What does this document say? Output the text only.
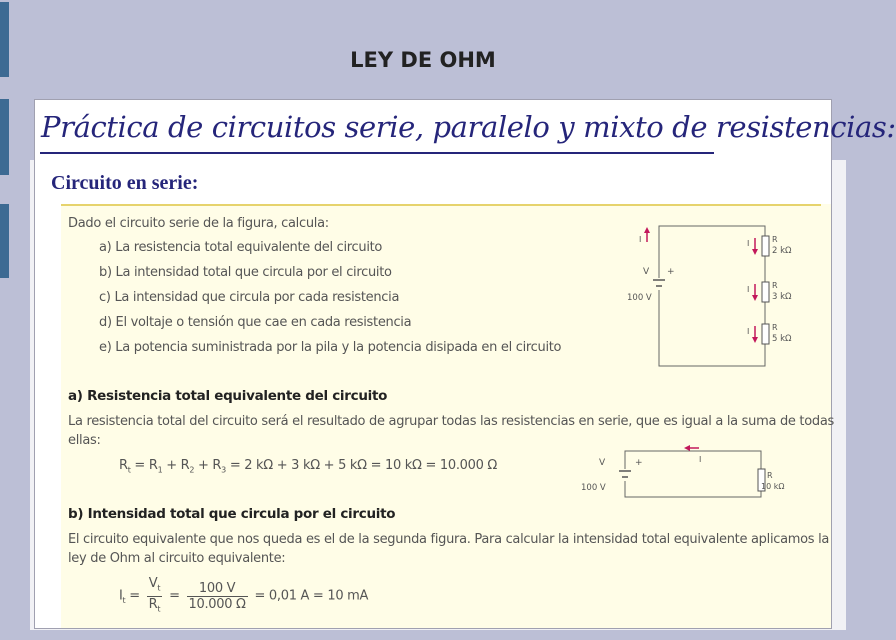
LEY DE OHM
Práctica de circuitos serie, paralelo y mixto de resistencias:
Circuito en serie:
Dado el circuito serie de la figura, calcula:
a) La resistencia total equivalente del circuito
b) La intensidad total que circula por el circuito
c) La intensidad que circula por cada resistencia
d) El voltaje o tensión que cae en cada resistencia
e) La potencia suministrada por la pila y la potencia disipada en el circuito
V +
100 V
I	I	R
2 kΩ
I	R
3 kΩ
I	R
5 kΩ
a) Resistencia total equivalente del circuito
La resistencia total del circuito será el resultado de agrupar todas las resistencias en serie, que es igual a la suma de todas
ellas:
$R_t = R_1 + R_2 + R_3 = 2$ kΩ + 3 kΩ + 5 kΩ = 10 kΩ = 10.000 Ω	V	+
100 V
I
R
10 kΩ
b) Intensidad total que circula por el circuito
El circuito equivalente que nos queda es el de la segunda figura. Para calcular la intensidad total equivalente aplicamos la
ley de Ohm al circuito equivalente:
$I_t = \frac{V_t}{R_t} = \frac{100 V}{10.000 \Omega} = 0,01$ A = 10 mA
